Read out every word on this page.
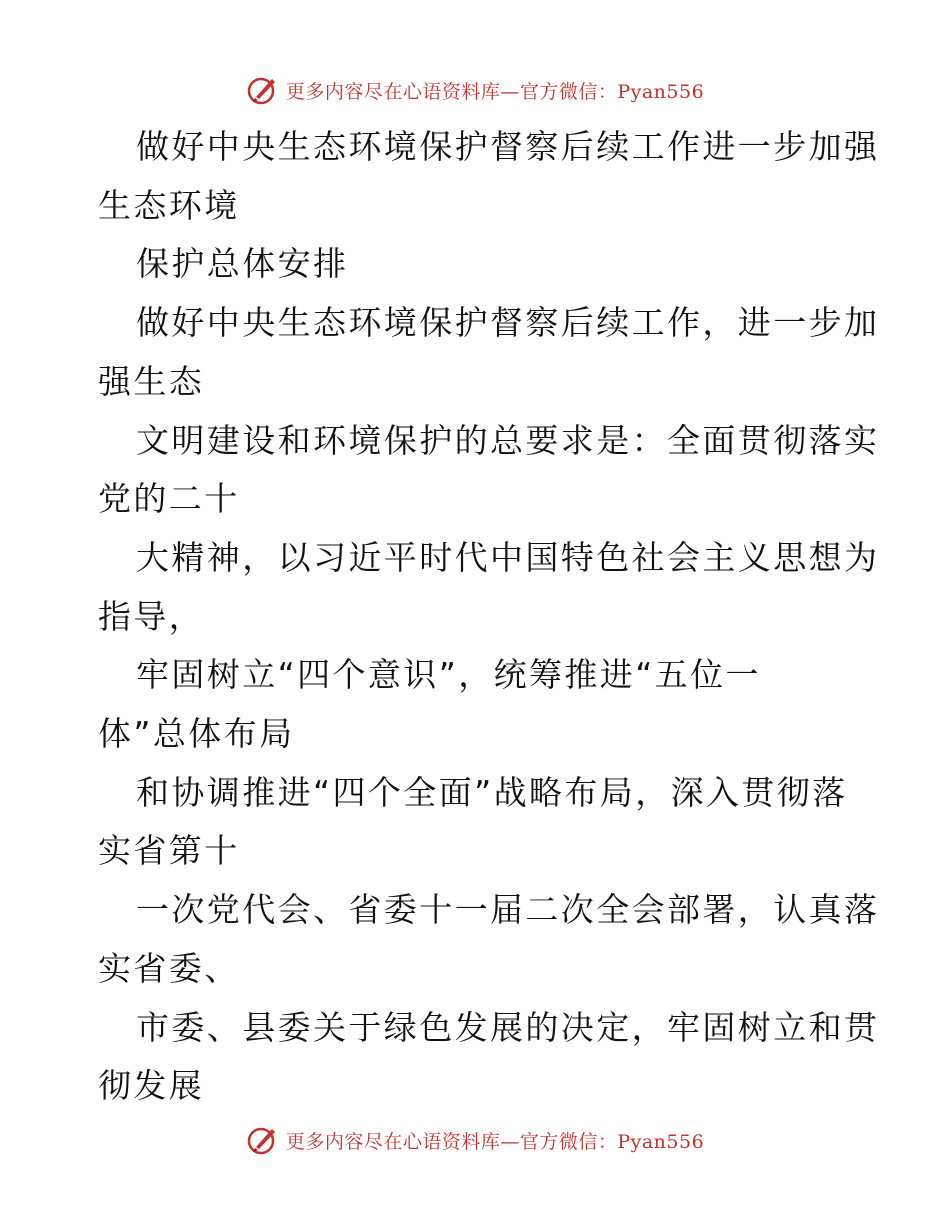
更多内容尽在心语资料库—官方微信：Pyan556
做好中央生态环境保护督察后续工作进一步加强
生态环境
保护总体安排
做好中央生态环境保护督察后续工作，进一步加
强生态
文明建设和环境保护的总要求是：全面贯彻落实
党的二十
大精神，以习近平时代中国特色社会主义思想为
指导，
牢固树立“四个意识”，统筹推进“五位一
体”总体布局
和协调推进“四个全面”战略布局，深入贯彻落
实省第十
一次党代会、省委十一届二次全会部署，认真落
实省委、
市委、县委关于绿色发展的决定，牢固树立和贯
彻发展
更多内容尽在心语资料库—官方微信：Pyan556
